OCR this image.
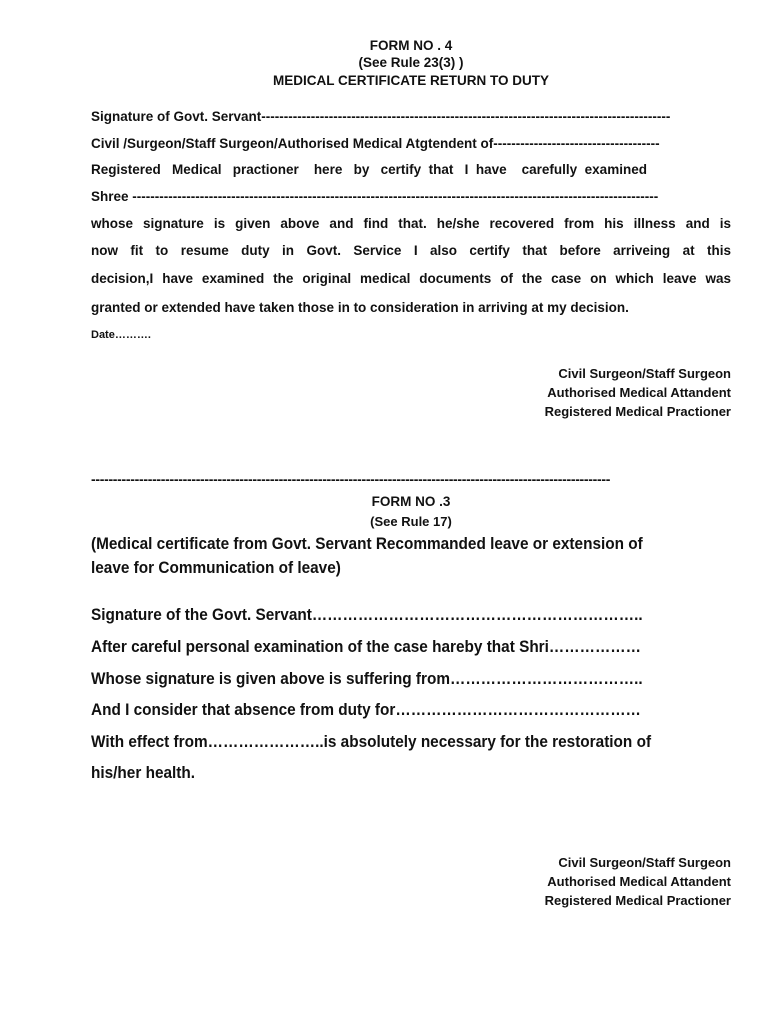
FORM NO . 4
(See Rule 23(3) )
MEDICAL CERTIFICATE RETURN TO DUTY
Signature of Govt. Servant-------------------------------------------------------------------------------------------
Civil /Surgeon/Staff Surgeon/Authorised Medical Atgtendent of-------------------------------------
Registered   Medical   practioner    here   by   certify  that   I  have    carefully  examined
Shree ---------------------------------------------------------------------------------------------------------------------
whose signature is given above and find that. he/she recovered from his illness and is
now fit to resume duty in Govt. Service I also certify that before arriveing at this
decision,I have examined the original medical documents of the case on which leave was
granted or extended have taken those in to consideration in arriving at my decision.
Date……….
Civil Surgeon/Staff Surgeon
Authorised Medical Attandent
Registered Medical Practioner
-----------------------------------------------------------------------------------------------------------------------
FORM NO .3
(See Rule 17)
(Medical certificate from Govt. Servant Recommanded leave or extension of
leave for Communication of leave)
Signature of the Govt. Servant………………………………………………………..
After careful personal examination of the case hareby that Shri………………
Whose signature is given above is suffering from………………………………..
And I consider that absence from duty for…………………………………………
With effect from…………………..is absolutely necessary for the restoration of
his/her health.
Civil Surgeon/Staff Surgeon
Authorised Medical Attandent
Registered Medical Practioner
